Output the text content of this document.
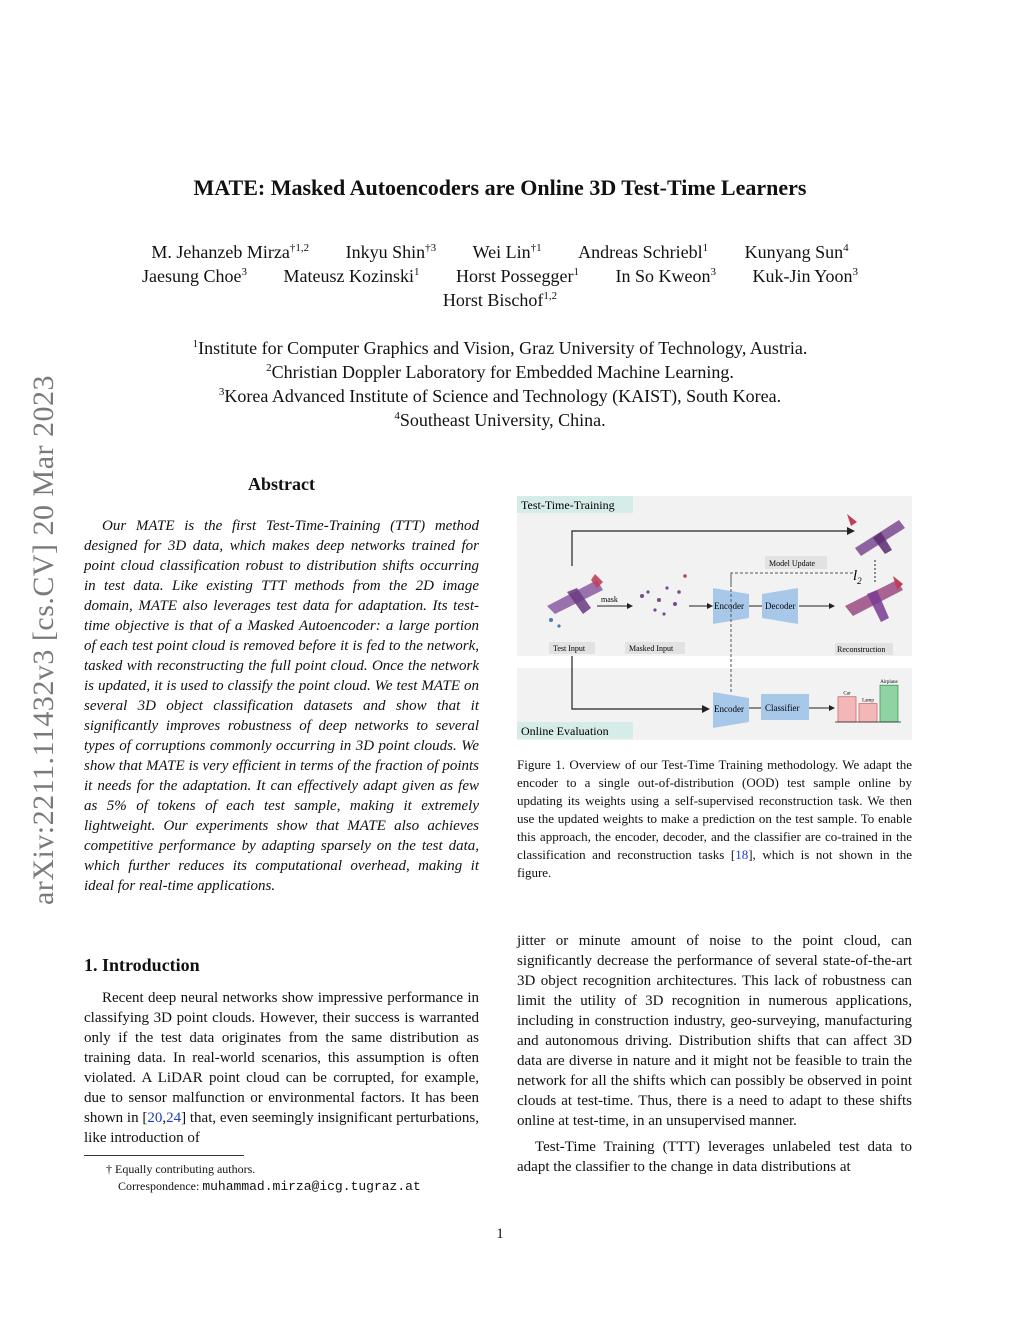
arXiv:2211.11432v3 [cs.CV] 20 Mar 2023
MATE: Masked Autoencoders are Online 3D Test-Time Learners
M. Jehanzeb Mirza$^{\dagger 1,2}$ Inkyu Shin$^{\dagger 3}$ Wei Lin$^{\dagger 1}$ Andreas Schriebl$^1$ Kunyang Sun$^4$
Jaesung Choe$^3$ Mateusz Kozinski$^1$ Horst Possegger$^1$ In So Kweon$^3$ Kuk-Jin Yoon$^3$
Horst Bischof$^{1,2}$
$^1$Institute for Computer Graphics and Vision, Graz University of Technology, Austria.
$^2$Christian Doppler Laboratory for Embedded Machine Learning.
$^3$Korea Advanced Institute of Science and Technology (KAIST), South Korea.
$^4$Southeast University, China.
Abstract
Our MATE is the first Test-Time-Training (TTT) method designed for 3D data, which makes deep networks trained for point cloud classification robust to distribution shifts occurring in test data. Like existing TTT methods from the 2D image domain, MATE also leverages test data for adaptation. Its test-time objective is that of a Masked Autoencoder: a large portion of each test point cloud is removed before it is fed to the network, tasked with reconstructing the full point cloud. Once the network is updated, it is used to classify the point cloud. We test MATE on several 3D object classification datasets and show that it significantly improves robustness of deep networks to several types of corruptions commonly occurring in 3D point clouds. We show that MATE is very efficient in terms of the fraction of points it needs for the adaptation. It can effectively adapt given as few as 5% of tokens of each test sample, making it extremely lightweight. Our experiments show that MATE also achieves competitive performance by adapting sparsely on the test data, which further reduces its computational overhead, making it ideal for real-time applications.
1. Introduction
Recent deep neural networks show impressive performance in classifying 3D point clouds. However, their success is warranted only if the test data originates from the same distribution as training data. In real-world scenarios, this assumption is often violated. A LiDAR point cloud can be corrupted, for example, due to sensor malfunction or environmental factors. It has been shown in [20,24] that, even seemingly insignificant perturbations, like introduction of
† Equally contributing authors.
Correspondence: muhammad.mirza@icg.tugraz.at
Test-Time-Training
Online Evaluation
mask
Encoder Decoder
Model Update
$l_2$
Test Input	Masked Input	Reconstruction
Encoder Classifier
Car
Lamp
Airplane
Figure 1. Overview of our Test-Time Training methodology. We adapt the encoder to a single out-of-distribution (OOD) test sample online by updating its weights using a self-supervised reconstruction task. We then use the updated weights to make a prediction on the test sample. To enable this approach, the encoder, decoder, and the classifier are co-trained in the classification and reconstruction tasks [18], which is not shown in the figure.

jitter or minute amount of noise to the point cloud, can significantly decrease the performance of several state-of-the-art 3D object recognition architectures. This lack of robustness can limit the utility of 3D recognition in numerous applications, including in construction industry, geo-surveying, manufacturing and autonomous driving. Distribution shifts that can affect 3D data are diverse in nature and it might not be feasible to train the network for all the shifts which can possibly be observed in point clouds at test-time. Thus, there is a need to adapt to these shifts online at test-time, in an unsupervised manner.

Test-Time Training (TTT) leverages unlabeled test data to adapt the classifier to the change in data distributions at

1
